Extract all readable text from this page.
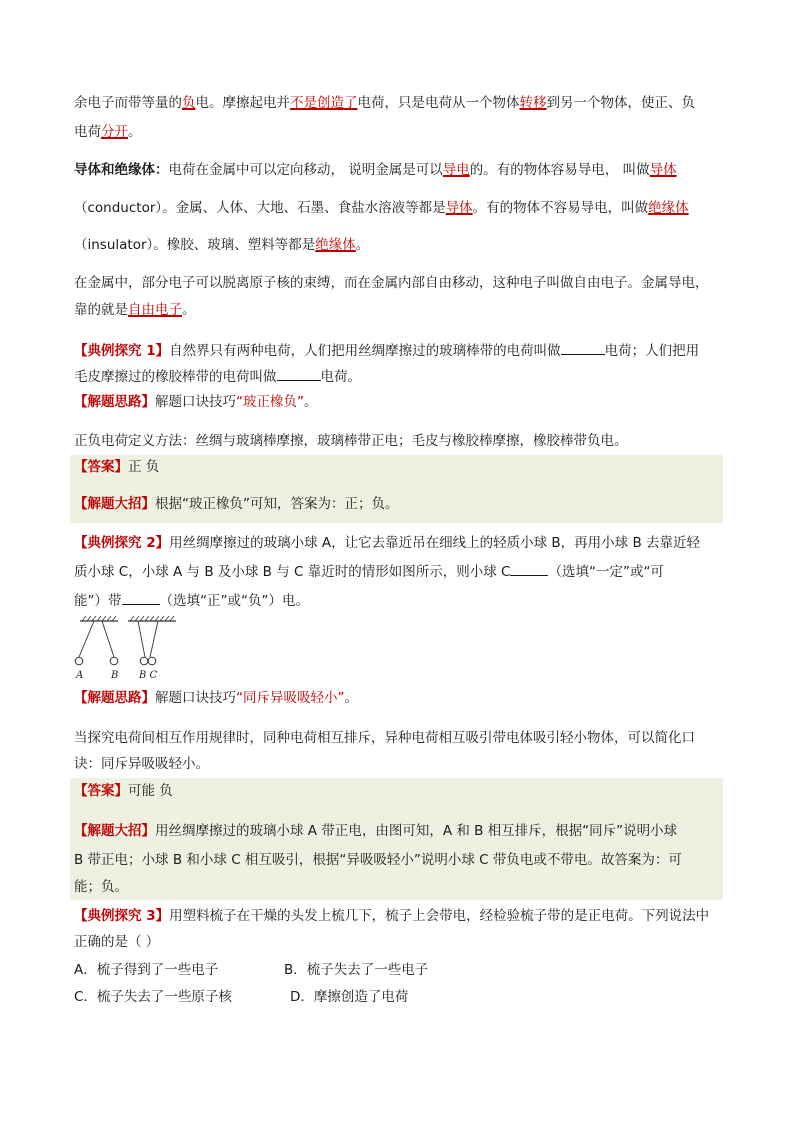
余电子而带等量的负电。摩擦起电并不是创造了电荷，只是电荷从一个物体转移到另一个物体，使正、负
电荷分开。
导体和绝缘体：电荷在金属中可以定向移动， 说明金属是可以导电的。有的物体容易导电， 叫做导体
（conductor）。金属、人体、大地、石墨、食盐水溶液等都是导体。有的物体不容易导电，叫做绝缘体
（insulator）。橡胶、玻璃、塑料等都是绝缘体。
在金属中，部分电子可以脱离原子核的束缚，而在金属内部自由移动，这种电子叫做自由电子。金属导电，
靠的就是自由电子。
【典例探究 1】自然界只有两种电荷，人们把用丝绸摩擦过的玻璃棒带的电荷叫做	电荷；人们把用
毛皮摩擦过的橡胶棒带的电荷叫做	电荷。
【解题思路】解题口诀技巧“玻正橡负”。
正负电荷定义方法：丝绸与玻璃棒摩擦，玻璃棒带正电；毛皮与橡胶棒摩擦，橡胶棒带负电。
【答案】正 负
【解题大招】根据“玻正橡负”可知，答案为：正；负。
【典例探究 2】用丝绸摩擦过的玻璃小球 A，让它去靠近吊在细线上的轻质小球 B，再用小球 B 去靠近轻
质小球 C，小球 A 与 B 及小球 B 与 C 靠近时的情形如图所示，则小球 C	（选填“一定”或“可
能”）带	（选填“正”或“负”）电。
A	B B C
【解题思路】解题口诀技巧“同斥异吸吸轻小”。
当探究电荷间相互作用规律时，同种电荷相互排斥，异种电荷相互吸引带电体吸引轻小物体，可以简化口
诀：同斥异吸吸轻小。
【答案】可能 负
【解题大招】用丝绸摩擦过的玻璃小球 A 带正电，由图可知，A 和 B 相互排斥，根据“同斥”说明小球
B 带正电；小球 B 和小球 C 相互吸引，根据“异吸吸轻小”说明小球 C 带负电或不带电。故答案为：可
能；负。
【典例探究 3】用塑料梳子在干燥的头发上梳几下，梳子上会带电，经检验梳子带的是正电荷。下列说法中
正确的是（ ）
A．梳子得到了一些电子	B．梳子失去了一些电子
C．梳子失去了一些原子核	D．摩擦创造了电荷
